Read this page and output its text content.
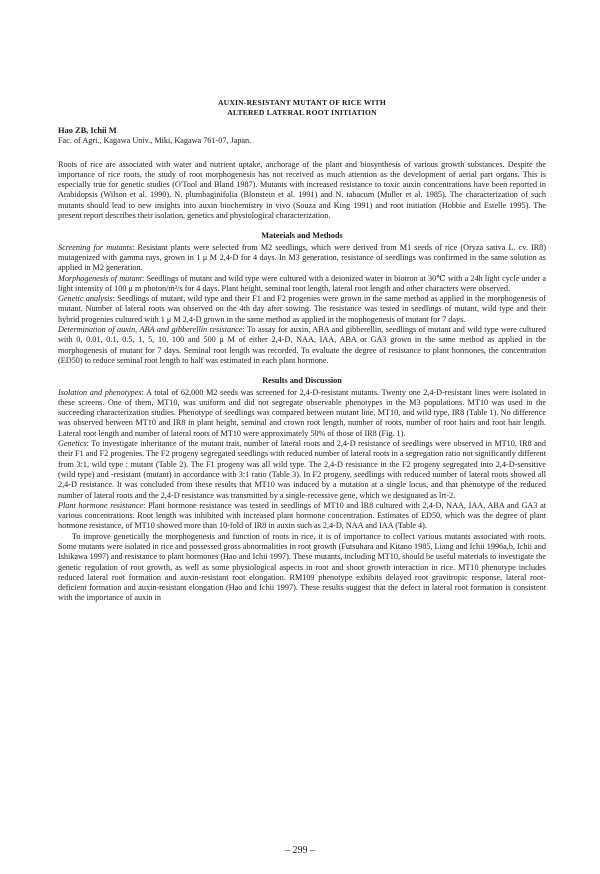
AUXIN-RESISTANT MUTANT OF RICE WITH
ALTERED LATERAL ROOT INITIATION

Hao ZB, Ichii M

Fac. of Agri., Kagawa Univ., Miki, Kagawa 761-07, Japan.

Roots of rice are associated with water and nutrient uptake, anchorage of the plant and biosynthesis of various growth substances. Despite the importance of rice roots, the study of root morphogenesis has not received as much attention as the development of aerial part organs. This is especially true for genetic studies (O'Tool and Bland 1987). Mutants with increased resistance to toxic auxin concentrations have been reported in Arabidopsis (Wilson et al. 1990), N. plumbaginifolia (Blonstein et al. 1991) and N. tabacum (Muller et al. 1985). The characterization of such mutants should lead to new insights into auxin biochemistry in vivo (Souza and King 1991) and root initiation (Hobbie and Estelle 1995). The present report describes their isolation, genetics and physiological characterization.

Materials and Methods

Screening for mutants: Resistant plants were selected from M2 seedlings, which were derived from M1 seeds of rice (Oryza sativa L. cv. IR8) mutagenized with gamma rays, grown in 1 μ M 2,4-D for 4 days. In M3 generation, resistance of seedlings was confirmed in the same solution as applied in M2 generation.

Morphogenesis of mutant: Seedlings of mutant and wild type were cultured with a deionized water in biotron at 30℃ with a 24h light cycle under a light intensity of 100 μ m photon/m²/s for 4 days. Plant height, seminal root length, lateral root length and other characters were observed.

Genetic analysis: Seedlings of mutant, wild type and their F1 and F2 progenies were grown in the same method as applied in the morphogenesis of mutant. Number of lateral roots was observed on the 4th day after sowing. The resistance was tested in seedlings of mutant, wild type and their hybrid progenies cultured with 1 μ M 2,4-D grown in the same method as applied in the mophogenesis of mutant for 7 days.

Determination of auxin, ABA and gibberellin resistance: To assay for auxin, ABA and gibberellin, seedlings of mutant and wild type were cultured with 0, 0.01, 0.1, 0.5, 1, 5, 10, 100 and 500 μ M of either 2,4-D, NAA, IAA, ABA or GA3 grown in the same method as applied in the morphogenesis of mutant for 7 days. Seminal root length was recorded. To evaluate the degree of resistance to plant hormones, the concentration (ED50) to reduce seminal root length to half was estimated in each plant hormone.

Results and Discussion

Isolation and phenotypes: A total of 62,000 M2 seeds was screened for 2,4-D-resistant mutants. Twenty one 2,4-D-resistant lines were isolated in these screens. One of them, MT10, was uniform and did not segregate observable phenotypes in the M3 populations. MT10 was used in the succeeding characterization studies. Phenotype of seedlings was compared between mutant line, MT10, and wild type, IR8 (Table 1). No difference was observed between MT10 and IR8 in plant height, seminal and crown root length, number of roots, number of root hairs and root hair length. Lateral root length and number of lateral roots of MT10 were approximately 50% of those of IR8 (Fig. 1).

Genetics: To investigate inheritance of the mutant trait, number of lateral roots and 2,4-D resistance of seedlings were observed in MT10, IR8 and their F1 and F2 progenies. The F2 progeny segregated seedlings with reduced number of lateral roots in a segregation ratio not significantly different from 3:1, wild type : mutant (Table 2). The F1 progeny was all wild type. The 2,4-D resistance in the F2 progeny segregated into 2,4-D-sensitive (wild type) and -resistant (mutant) in accordance with 3:1 ratio (Table 3). In F2 progeny, seedlings with reduced number of lateral roots showed all 2,4-D resistance. It was concluded from these results that MT10 was induced by a mutation at a single locus, and that phenotype of the reduced number of lateral roots and the 2,4-D resistance was transmitted by a single-recessive gene, which we designated as lrt-2.

Plant hormone resistance: Plant hormone resistance was tested in seedlings of MT10 and IR8 cultured with 2,4-D, NAA, IAA, ABA and GA3 at various concentrations. Root length was inhibited with increased plant hormone concentration. Estimates of ED50, which was the degree of plant hormone resistance, of MT10 showed more than 10-fold of IR8 in auxin such as 2,4-D, NAA and IAA (Table 4).

To improve genetically the morphogenesis and function of roots in rice, it is of importance to collect various mutants associated with roots. Some mutants were isolated in rice and possessed gross abnormalities in root growth (Futsuhara and Kitano 1985, Liang and Ichii 1996a,b, Ichii and Ishikawa 1997) and resistance to plant hormones (Hao and Ichii 1997). These mutants, including MT10, should be useful materials to investigate the genetic regulation of root growth, as well as some physiological aspects in root and shoot growth interaction in rice. MT10 phenotype includes reduced lateral root formation and auxin-resistant root elongation. RM109 phenotype exhibits delayed root gravitropic response, lateral root-deficient formation and auxin-resistant elongation (Hao and Ichii 1997). These results suggest that the defect in lateral root formation is consistent with the importance of auxin in

– 299 –
